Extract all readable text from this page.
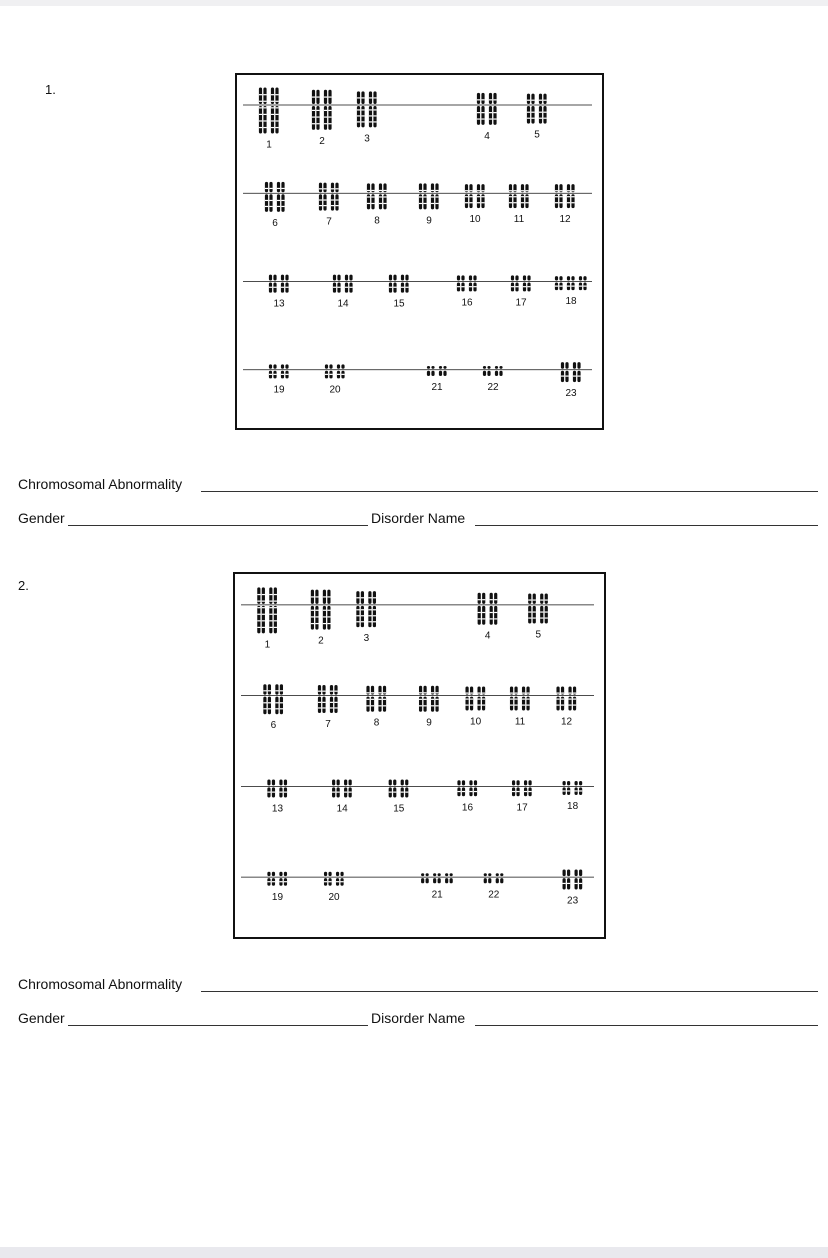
1.
1	2	3	4	5
6	7	8	9	10	11	12
13	14	15	16	17	18
19	20	21	22
23
Chromosomal Abnormality
Gender	Disorder Name
2.
1	2	3	4	5
6	7	8	9	10	11	12
13	14	15	16	17	18
19	20	21	22
23
Chromosomal Abnormality
Gender	Disorder Name
